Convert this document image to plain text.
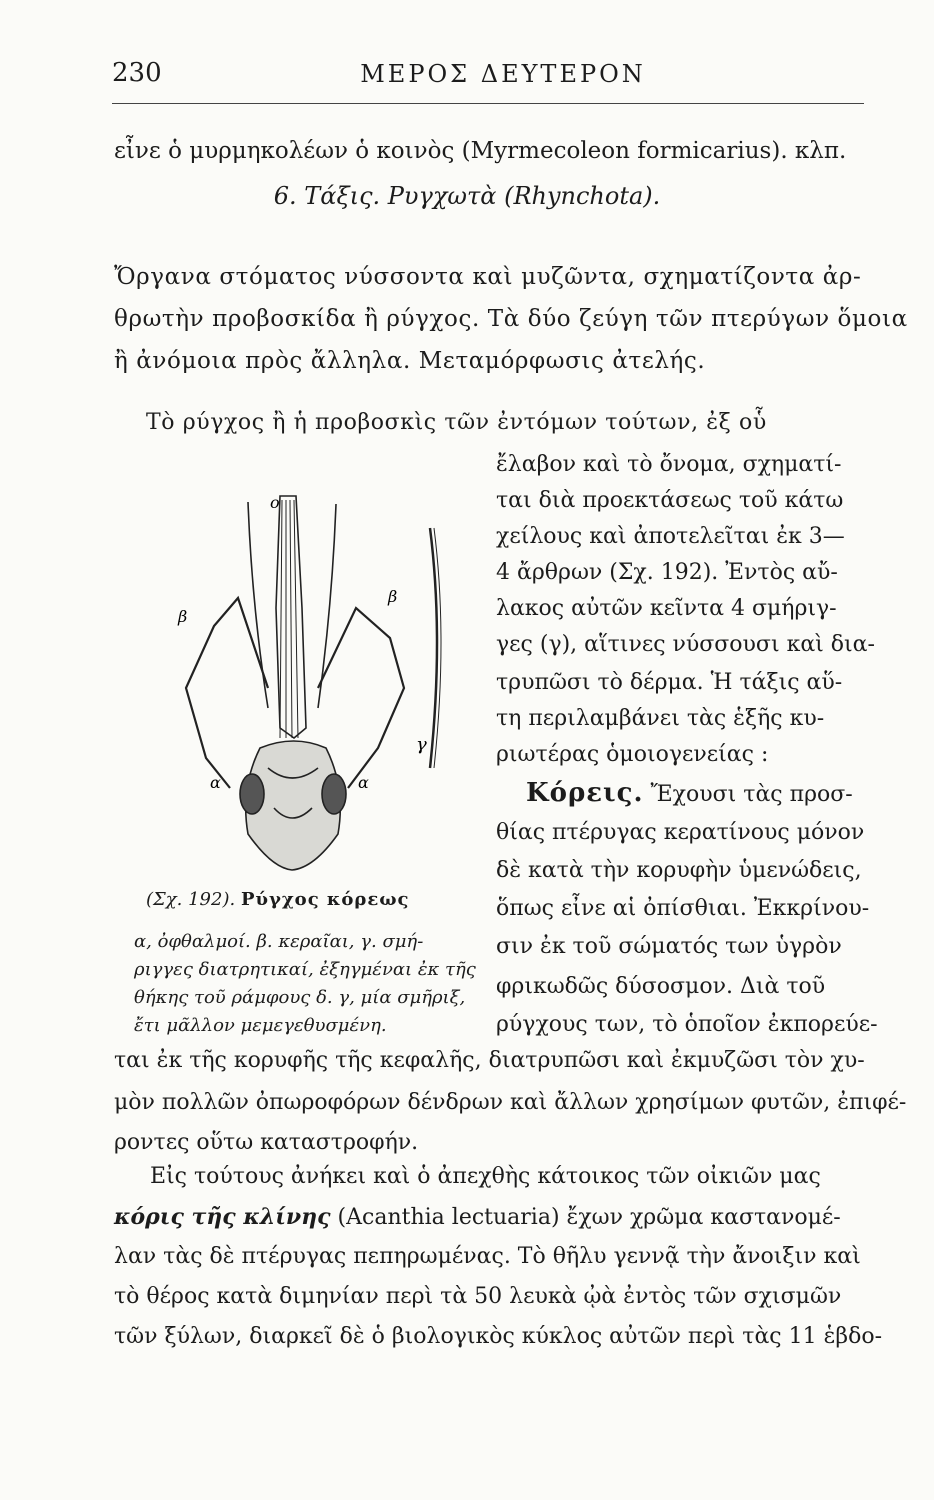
230	ΜΕΡΟΣ ΔΕΥΤΕΡΟΝ
εἶνε ὁ μυρμηκολέων ὁ κοινὸς (Myrmecoleon formicarius). κλπ.
6. Τάξις. Ρυγχωτὰ (Rhynchota).
Ὄργανα στόματος νύσσοντα καὶ μυζῶντα, σχηματίζοντα ἀρ-
θρωτὴν προβοσκίδα ἢ ρύγχος. Τὰ δύο ζεύγη τῶν πτερύγων ὅμοια
ἢ ἀνόμοια πρὸς ἄλληλα. Μεταμόρφωσις ἀτελής.
Τὸ ρύγχος ἢ ἡ προβοσκὶς τῶν ἐντόμων τούτων, ἐξ οὗ
ἔλαβον καὶ τὸ ὄνομα, σχηματί-
ται διὰ προεκτάσεως τοῦ κάτω
χείλους καὶ ἀποτελεῖται ἐκ 3—
4 ἄρθρων (Σχ. 192). Ἐντὸς αὔ-
λακος αὐτῶν κεῖντα 4 σμήριγ-
γες (γ), αἵτινες νύσσουσι καὶ δια-
τρυπῶσι τὸ δέρμα. Ἡ τάξις αὕ-
τη περιλαμβάνει τὰς ἑξῆς κυ-
ριωτέρας ὁμοιογενείας :
Κόρεις. Ἔχουσι τὰς προσ-
θίας πτέρυγας κερατίνους μόνον
δὲ κατὰ τὴν κορυφὴν ὑμενώδεις,
ὅπως εἶνε αἱ ὀπίσθιαι. Ἐκκρίνου-
σιν ἐκ τοῦ σώματός των ὑγρὸν
φρικωδῶς δύσοσμον. Διὰ τοῦ
ρύγχους των, τὸ ὁποῖον ἐκπορεύε-
o
β
β
γ
α	α
(Σχ. 192). Ρύγχος κόρεως
α, ὀφθαλμοί. β. κεραῖαι, γ. σμή-
ριγγες διατρητικαί, ἐξηγμέναι ἐκ τῆς
θήκης τοῦ ράμφους δ. γ, μία σμῆριξ,
ἔτι μᾶλλον μεμεγεθυσμένη.
ται ἐκ τῆς κορυφῆς τῆς κεφαλῆς, διατρυπῶσι καὶ ἐκμυζῶσι τὸν χυ-
μὸν πολλῶν ὀπωροφόρων δένδρων καὶ ἄλλων χρησίμων φυτῶν, ἐπιφέ-
ροντες οὕτω καταστροφήν.
Εἰς τούτους ἀνήκει καὶ ὁ ἀπεχθὴς κάτοικος τῶν οἰκιῶν μας
κόρις τῆς κλίνης (Acanthia lectuaria) ἔχων χρῶμα καστανομέ-
λαν τὰς δὲ πτέρυγας πεπηρωμένας. Τὸ θῆλυ γεννᾷ τὴν ἄνοιξιν καὶ
τὸ θέρος κατὰ διμηνίαν περὶ τὰ 50 λευκὰ ᾠὰ ἐντὸς τῶν σχισμῶν
τῶν ξύλων, διαρκεῖ δὲ ὁ βιολογικὸς κύκλος αὐτῶν περὶ τὰς 11 ἑβδο-
